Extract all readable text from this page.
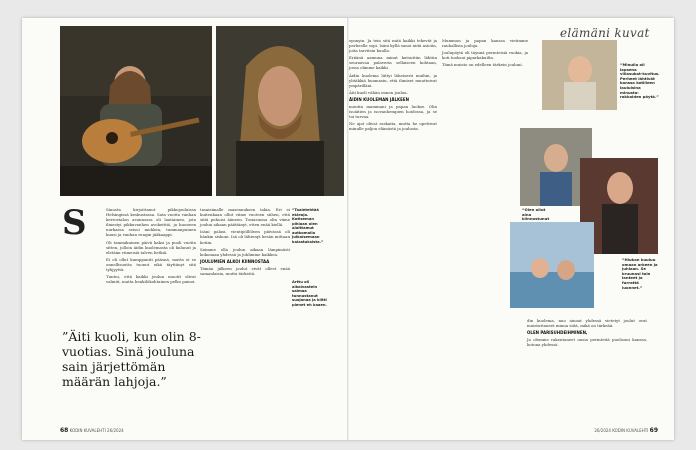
“Taaletehtää ekieoja. Kotiseman pihlaan olen aloittamut autkomalla julkaisemaan kalastuksista.”
Arttu oli alkoivastein salmaa tunnustanut suojanaa ja kiitti pienet eh kaaen.
S	Sinusta kirjoittanut pikkujouluissa Helsingissä keskustassa. Sata vuotta vanhan kerrostalon asunnossa oli laatiainen, jota ilmestyi pikkuvanhen avokeittiö, ja huoneen nurkassa seisoi muhkea, tummanpuinen kuusi ja vanhan rungin jääkaappi.

Oli tammikuinen päivä kaksi ja puoli vuotta sitten, jolloin äidin kuolemasta oli kulunut ja eletään viimeisiä talven hetkiä.

Ei oli ollut kumppaniti pääsnä, mutta ei se onnellisuutta tuonut eikä täyttänyt sitä tyhjyyttä.

Tuntui, että kaikki joulun muotit olivat valmiit, mutta henkilökohtainen pelko painoi.

”Äiti kuoli, kun olin 8-vuotias. Sinä jouluna sain järjettömän määrän lahjoja.”

tasaisimalle masennuksen takia. Eri ei kuitenkaan ollut viime vuoteen siihen, että siitä puhuisi ääneen. Tosiasiassa olin viime joulun aikaan päättänyt, etten enää kiellä.

Isäni palasi, vientipöllöleen päivässä oli hänkin siskoni. Isä oli lähtenyt kesän mittaan kotiin.

Saimme olla joulun aikaan lämpimästi kokonaan yhdessä ja juhlimme kaikkea.

JOULUMIEN ALKOI KIINNOSTAA

Tämän jälkeen joulut eivät olleet enää samanlaisia, mutta tärkeitä.

synnyin. Ja tein sitä mitä kaikki tekevät ja perheelle sopi. Isäni kyllä sanoi niitä asioita, joita tarvitsin kuulla.

Eräänä aamuna minut kutsuttiin lähtiin seuraavaa palaveria sellaiseen kohtaan, jossa olimme kaikki.

Äidin kuolema liittyi läheisesti muihin, ja yhtäkkiä huomasin, että ihmiset muuttuivat ympärilläni.

Äiti kuoli vähän ennen joulua.

ÄIDIN KUOLEMAN JÄLKEEN

muutin mammani ja papan luokse. Olin isoäitien ja isovanhempien hoidossa, ja se toi turvaa.

Ne ajat olivat raskaita, mutta he opettivat minulle paljon elämästä ja joulusta.

Mummon ja papan kanssa vietimme rauhallisia jouluja.

Joulupöytä oli täynnä perinteisiä ruokia, ja koti tuoksui piparkakuilta.

Tämä muisto on edelleen tärkein jouluni.

elämäni kuvat
“Minulla oli lapsena villasukat-kuvitus. Perheet lähtivät kanssa kotilleen lauluisina minusta: rakkaiden pöytä.”
“Olen ollut aina kiinnostunut
“Hiukan kuuluu omaan arkeen ja juhlaan. Se kruunasi toin lanteet ja furrattä luonnet.”

din kuolema, nuo ainoat yhdessä vietetyt joulut ovat muistuttaneet minua siitä, mikä on tärkeää.

OLEN PARISUHDEIHMINEN,

Ja olemme rakentaneet uusia perinteitä puolisoni kanssa, kotona yhdessä.

68 KODIN KUVALEHTI 26/2024	26/2024 KODIN KUVALEHTI 69
